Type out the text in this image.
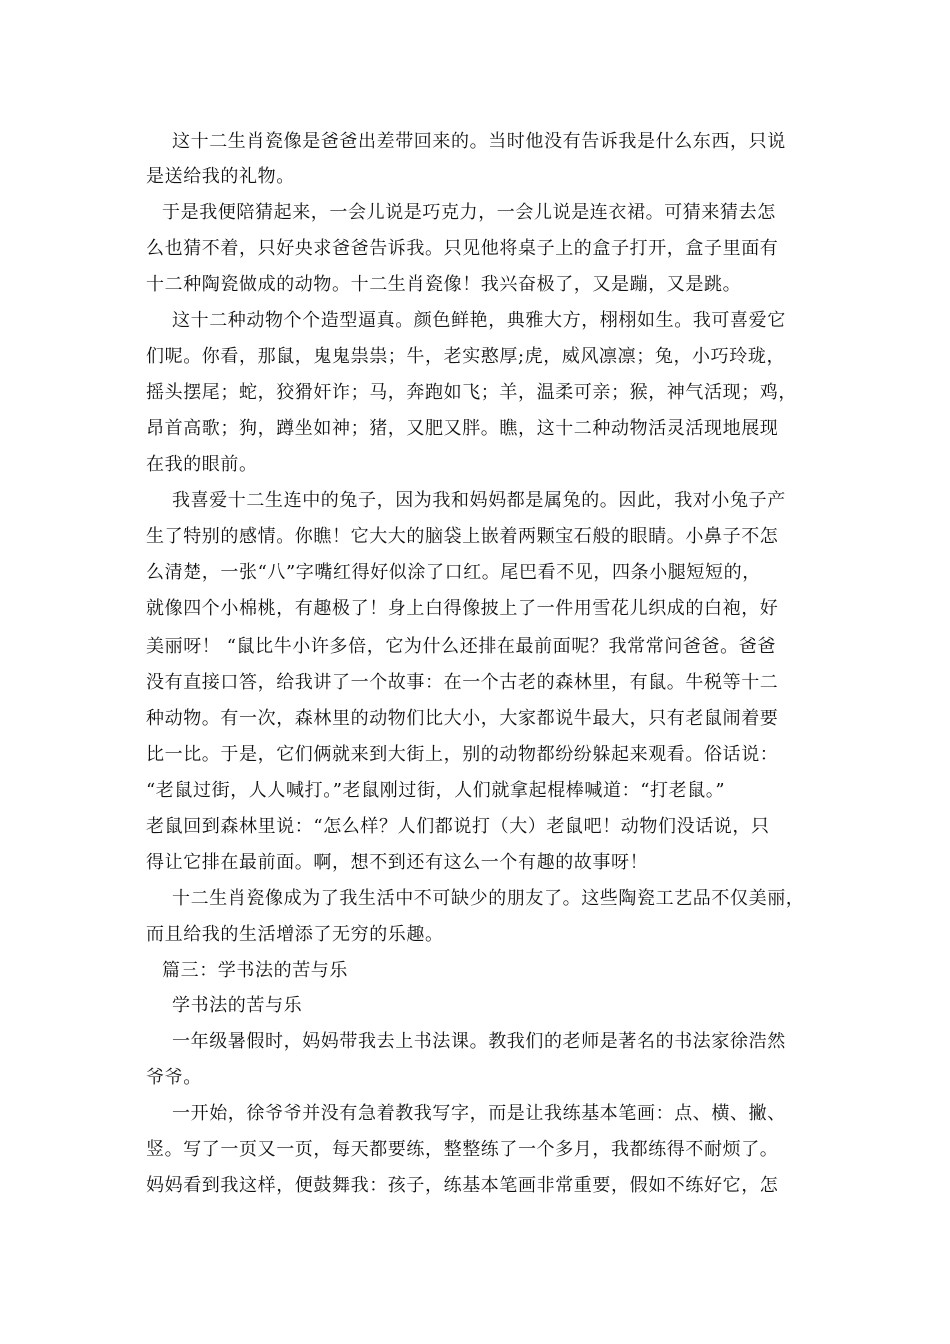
这十二生肖瓷像是爸爸出差带回来的。当时他没有告诉我是什么东西，只说
是送给我的礼物。
于是我便陪猜起来，一会儿说是巧克力，一会儿说是连衣裙。可猜来猜去怎
么也猜不着，只好央求爸爸告诉我。只见他将桌子上的盒子打开，盒子里面有
十二种陶瓷做成的动物。十二生肖瓷像！我兴奋极了，又是蹦，又是跳。
这十二种动物个个造型逼真。颜色鲜艳，典雅大方，栩栩如生。我可喜爱它
们呢。你看，那鼠，鬼鬼祟祟；牛，老实憨厚;虎，威风凛凛；兔，小巧玲珑，
摇头摆尾；蛇，狡猾奸诈；马，奔跑如飞；羊，温柔可亲；猴，神气活现；鸡，
昂首高歌；狗，蹲坐如神；猪，又肥又胖。瞧，这十二种动物活灵活现地展现
在我的眼前。
我喜爱十二生连中的兔子，因为我和妈妈都是属兔的。因此，我对小兔子产
生了特别的感情。你瞧！它大大的脑袋上嵌着两颗宝石般的眼睛。小鼻子不怎
么清楚，一张“八”字嘴红得好似涂了口红。尾巴看不见，四条小腿短短的，
就像四个小棉桃，有趣极了！身上白得像披上了一件用雪花儿织成的白袍，好
美丽呀！ “鼠比牛小许多倍，它为什么还排在最前面呢？我常常问爸爸。爸爸
没有直接口答，给我讲了一个故事：在一个古老的森林里，有鼠。牛税等十二
种动物。有一次，森林里的动物们比大小，大家都说牛最大，只有老鼠闹着要
比一比。于是，它们俩就来到大街上，别的动物都纷纷躲起来观看。俗话说：
“老鼠过街，人人喊打。”老鼠刚过街，人们就拿起棍棒喊道：“打老鼠。”
老鼠回到森林里说：“怎么样？人们都说打（大）老鼠吧！动物们没话说，只
得让它排在最前面。啊，想不到还有这么一个有趣的故事呀！
十二生肖瓷像成为了我生活中不可缺少的朋友了。这些陶瓷工艺品不仅美丽，
而且给我的生活增添了无穷的乐趣。
篇三：学书法的苦与乐
学书法的苦与乐
一年级暑假时，妈妈带我去上书法课。教我们的老师是著名的书法家徐浩然
爷爷。
一开始，徐爷爷并没有急着教我写字，而是让我练基本笔画：点、横、撇、
竖。写了一页又一页，每天都要练，整整练了一个多月，我都练得不耐烦了。
妈妈看到我这样，便鼓舞我：孩子，练基本笔画非常重要，假如不练好它，怎
